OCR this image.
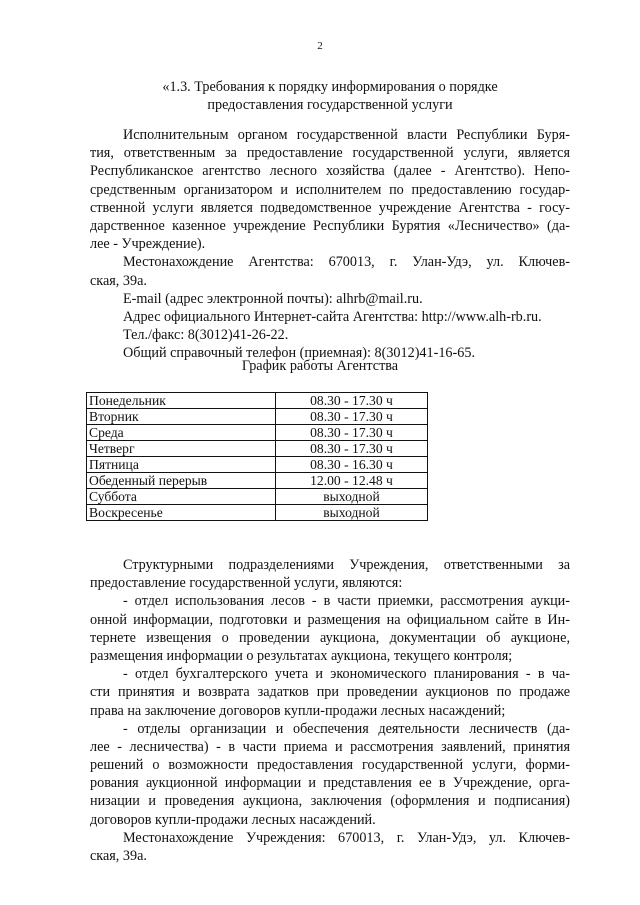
2
«1.3. Требования к порядку информирования о порядке
предоставления государственной услуги
Исполнительным органом государственной власти Республики Буря-
тия, ответственным за предоставление государственной услуги, является
Республиканское агентство лесного хозяйства (далее - Агентство). Непо-
средственным организатором и исполнителем по предоставлению государ-
ственной услуги является подведомственное учреждение Агентства - госу-
дарственное казенное учреждение Республики Бурятия «Лесничество» (да-
лее - Учреждение).
Местонахождение Агентства: 670013, г. Улан-Удэ, ул. Ключев-
ская, 39а.
E-mail (адрес электронной почты): alhrb@mail.ru.
Адрес официального Интернет-сайта Агентства: http://www.alh-rb.ru.
Тел./факс: 8(3012)41-26-22.
Общий справочный телефон (приемная): 8(3012)41-16-65.
График работы Агентства
Понедельник	08.30 - 17.30 ч
Вторник	08.30 - 17.30 ч
Среда	08.30 - 17.30 ч
Четверг	08.30 - 17.30 ч
Пятница	08.30 - 16.30 ч
Обеденный перерыв	12.00 - 12.48 ч
Суббота	выходной
Воскресенье	выходной
Структурными подразделениями Учреждения, ответственными за
предоставление государственной услуги, являются:
- отдел использования лесов - в части приемки, рассмотрения аукци-
онной информации, подготовки и размещения на официальном сайте в Ин-
тернете извещения о проведении аукциона, документации об аукционе,
размещения информации о результатах аукциона, текущего контроля;
- отдел бухгалтерского учета и экономического планирования - в ча-
сти принятия и возврата задатков при проведении аукционов по продаже
права на заключение договоров купли-продажи лесных насаждений;
- отделы организации и обеспечения деятельности лесничеств (да-
лее - лесничества) - в части приема и рассмотрения заявлений, принятия
решений о возможности предоставления государственной услуги, форми-
рования аукционной информации и представления ее в Учреждение, орга-
низации и проведения аукциона, заключения (оформления и подписания)
договоров купли-продажи лесных насаждений.
Местонахождение Учреждения: 670013, г. Улан-Удэ, ул. Ключев-
ская, 39а.
